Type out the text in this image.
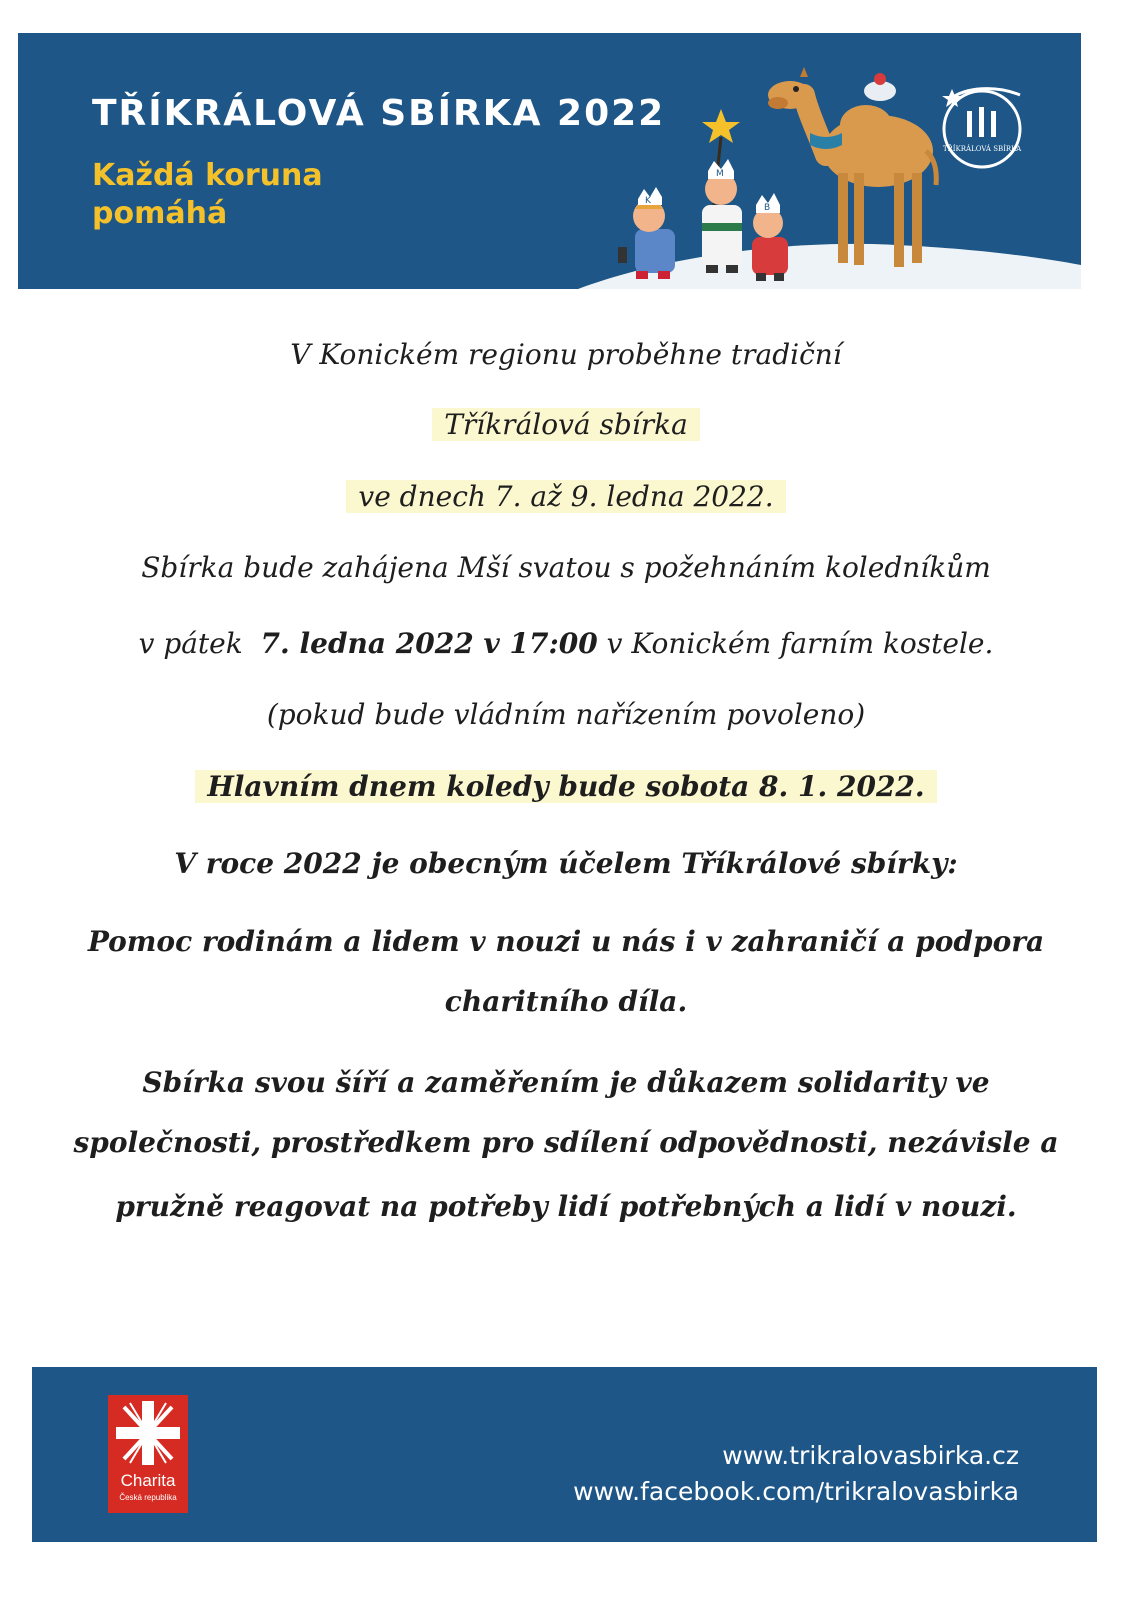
TŘÍKRÁLOVÁ SBÍRKA 2022
Každá koruna pomáhá	K
M
B
TŘÍKRÁLOVÁ SBÍRKA
V Konickém regionu proběhne tradiční
Tříkrálová sbírka
ve dnech 7. až 9. ledna 2022.
Sbírka bude zahájena Mší svatou s požehnáním koledníkům
v pátek 7. ledna 2022 v 17:00 v Konickém farním kostele.
(pokud bude vládním nařízením povoleno)
Hlavním dnem koledy bude sobota 8. 1. 2022.
V roce 2022 je obecným účelem Tříkrálové sbírky:
Pomoc rodinám a lidem v nouzi u nás i v zahraničí a podpora
charitního díla.
Sbírka svou šíří a zaměřením je důkazem solidarity ve
společnosti, prostředkem pro sdílení odpovědnosti, nezávisle a
pružně reagovat na potřeby lidí potřebných a lidí v nouzi.
Charita
Česká republika
www.trikralovasbirka.cz
www.facebook.com/trikralovasbirka
